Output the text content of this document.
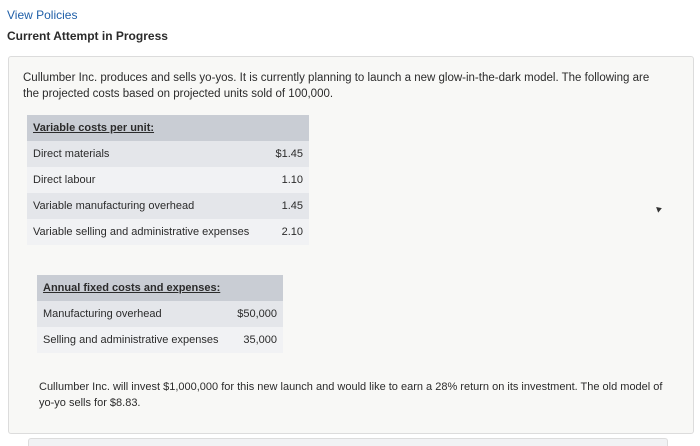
View Policies
Current Attempt in Progress
Cullumber Inc. produces and sells yo-yos. It is currently planning to launch a new glow-in-the-dark model. The following are the projected costs based on projected units sold of 100,000.
Variable costs per unit:	
Direct materials	$1.45
Direct labour	1.10
Variable manufacturing overhead	1.45
Variable selling and administrative expenses	2.10
Annual fixed costs and expenses:	
Manufacturing overhead	$50,000
Selling and administrative expenses	35,000
Cullumber Inc. will invest $1,000,000 for this new launch and would like to earn a 28% return on its investment. The old model of yo-yo sells for $8.83.
